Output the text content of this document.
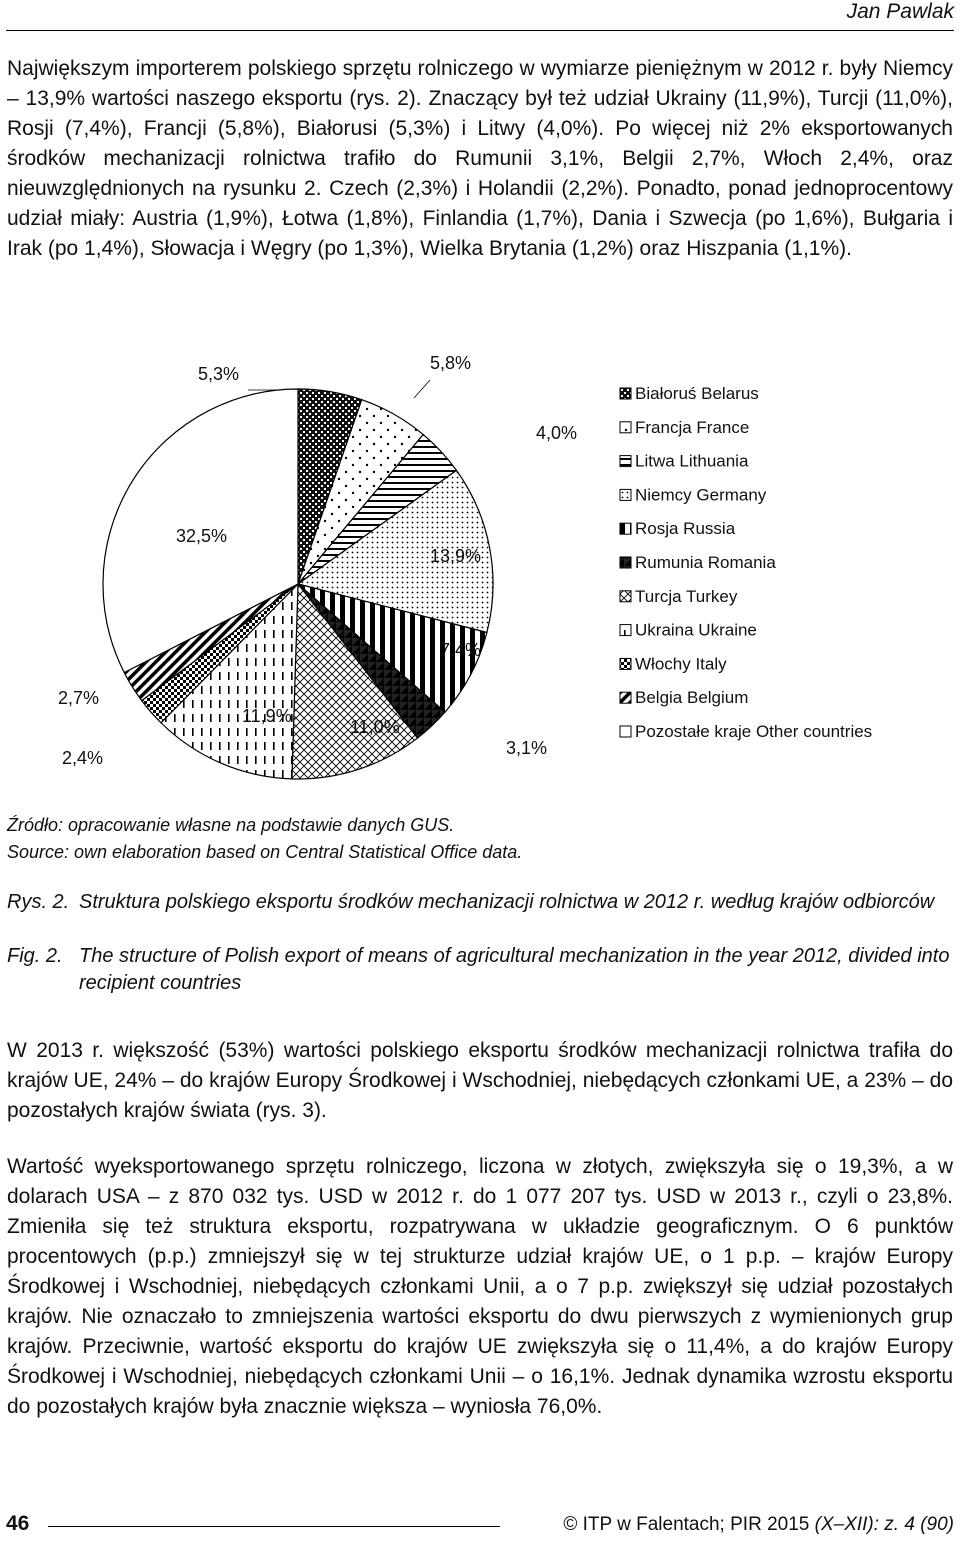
Jan Pawlak

Największym importerem polskiego sprzętu rolniczego w wymiarze pieniężnym w 2012 r. były Niemcy – 13,9% wartości naszego eksportu (rys. 2). Znaczący był też udział Ukrainy (11,9%), Turcji (11,0%), Rosji (7,4%), Francji (5,8%), Białorusi (5,3%) i Litwy (4,0%). Po więcej niż 2% eksportowanych środków mechanizacji rolnictwa trafiło do Rumunii 3,1%, Belgii 2,7%, Włoch 2,4%, oraz nieuwzględnionych na rysunku 2. Czech (2,3%) i Holandii (2,2%). Ponadto, ponad jednoprocentowy udział miały: Austria (1,9%), Łotwa (1,8%), Finlandia (1,7%), Dania i Szwecja (po 1,6%), Bułgaria i Irak (po 1,4%), Słowacja i Węgry (po 1,3%), Wielka Brytania (1,2%) oraz Hiszpania (1,1%).

5,3%
5,8%
4,0%
13,9%
7,4%
3,1%
11,0%
11,9%
2,4%
2,7%
32,5%
Białoruś Belarus
Francja France
Litwa Lithuania
Niemcy Germany
Rosja Russia
Rumunia Romania
Turcja Turkey
Ukraina Ukraine
Włochy Italy
Belgia Belgium
Pozostałe kraje Other countries
Źródło: opracowanie własne na podstawie danych GUS.
Source: own elaboration based on Central Statistical Office data.
Rys. 2. Struktura polskiego eksportu środków mechanizacji rolnictwa w 2012 r. według krajów odbiorców
Fig. 2. The structure of Polish export of means of agricultural mechanization in the year 2012, divided into recipient countries

W 2013 r. większość (53%) wartości polskiego eksportu środków mechanizacji rolnictwa trafiła do krajów UE, 24% – do krajów Europy Środkowej i Wschodniej, niebędących członkami UE, a 23% – do pozostałych krajów świata (rys. 3).

Wartość wyeksportowanego sprzętu rolniczego, liczona w złotych, zwiększyła się o 19,3%, a w dolarach USA – z 870 032 tys. USD w 2012 r. do 1 077 207 tys. USD w 2013 r., czyli o 23,8%. Zmieniła się też struktura eksportu, rozpatrywana w układzie geograficznym. O 6 punktów procentowych (p.p.) zmniejszył się w tej strukturze udział krajów UE, o 1 p.p. – krajów Europy Środkowej i Wschodniej, niebędących członkami Unii, a o 7 p.p. zwiększył się udział pozostałych krajów. Nie oznaczało to zmniejszenia wartości eksportu do dwu pierwszych z wymienionych grup krajów. Przeciwnie, wartość eksportu do krajów UE zwiększyła się o 11,4%, a do krajów Europy Środkowej i Wschodniej, niebędących członkami Unii – o 16,1%. Jednak dynamika wzrostu eksportu do pozostałych krajów była znacznie większa – wyniosła 76,0%.

46	© ITP w Falentach; PIR 2015 (X–XII): z. 4 (90)
